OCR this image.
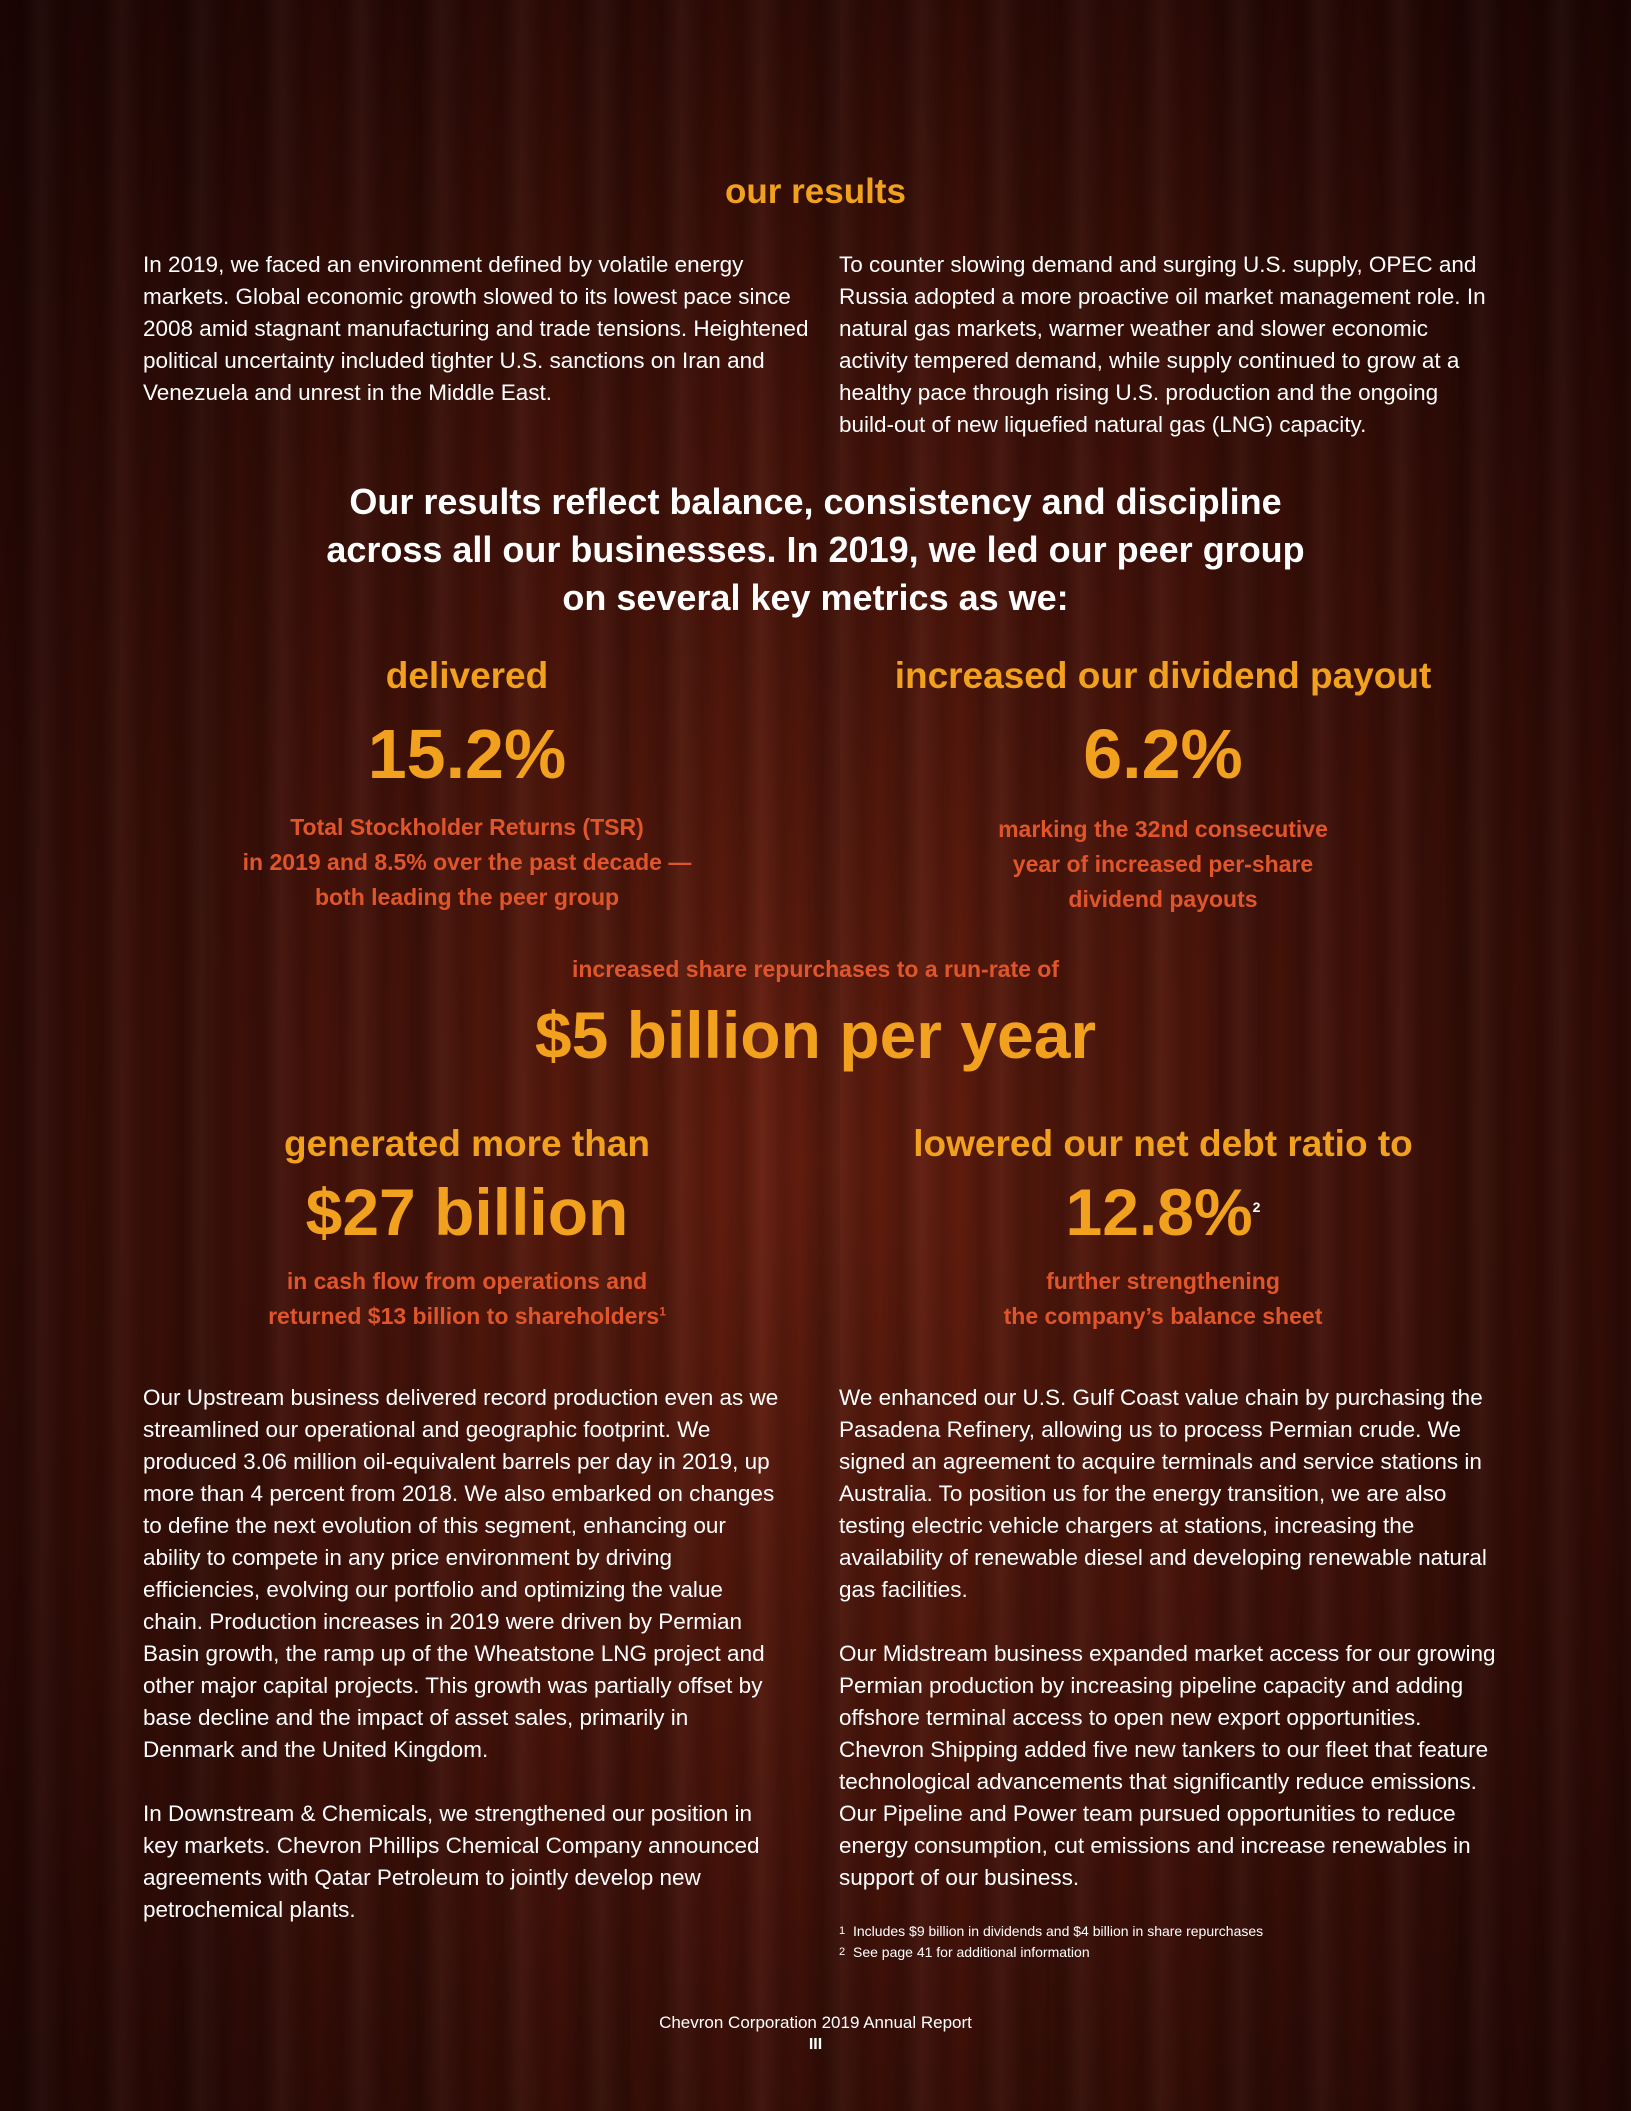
our results
In 2019, we faced an environment defined by volatile energy markets. Global economic growth slowed to its lowest pace since 2008 amid stagnant manufacturing and trade tensions. Heightened political uncertainty included tighter U.S. sanctions on Iran and Venezuela and unrest in the Middle East.
To counter slowing demand and surging U.S. supply, OPEC and Russia adopted a more proactive oil market management role. In natural gas markets, warmer weather and slower economic activity tempered demand, while supply continued to grow at a healthy pace through rising U.S. production and the ongoing build-out of new liquefied natural gas (LNG) capacity.
Our results reflect balance, consistency and discipline
across all our businesses. In 2019, we led our peer group
on several key metrics as we:
delivered
15.2%
Total Stockholder Returns (TSR)
in 2019 and 8.5% over the past decade —
both leading the peer group
increased our dividend payout
6.2%
marking the 32nd consecutive
year of increased per-share
dividend payouts
increased share repurchases to a run-rate of
$5 billion per year
generated more than
$27 billion
in cash flow from operations and
returned $13 billion to shareholders$^1$
lowered our net debt ratio to
12.8%$^2$
further strengthening
the company’s balance sheet
Our Upstream business delivered record production even as we streamlined our operational and geographic footprint. We produced 3.06 million oil-equivalent barrels per day in 2019, up more than 4 percent from 2018. We also embarked on changes to define the next evolution of this segment, enhancing our ability to compete in any price environment by driving efficiencies, evolving our portfolio and optimizing the value chain. Production increases in 2019 were driven by Permian Basin growth, the ramp up of the Wheatstone LNG project and other major capital projects. This growth was partially offset by base decline and the impact of asset sales, primarily in Denmark and the United Kingdom.
In Downstream & Chemicals, we strengthened our position in key markets. Chevron Phillips Chemical Company announced agreements with Qatar Petroleum to jointly develop new petrochemical plants.
We enhanced our U.S. Gulf Coast value chain by purchasing the Pasadena Refinery, allowing us to process Permian crude. We signed an agreement to acquire terminals and service stations in Australia. To position us for the energy transition, we are also testing electric vehicle chargers at stations, increasing the availability of renewable diesel and developing renewable natural gas facilities.
Our Midstream business expanded market access for our growing Permian production by increasing pipeline capacity and adding offshore terminal access to open new export opportunities. Chevron Shipping added five new tankers to our fleet that feature technological advancements that significantly reduce emissions. Our Pipeline and Power team pursued opportunities to reduce energy consumption, cut emissions and increase renewables in support of our business.
1 Includes $9 billion in dividends and $4 billion in share repurchases
2 See page 41 for additional information
Chevron Corporation 2019 Annual Report
III
